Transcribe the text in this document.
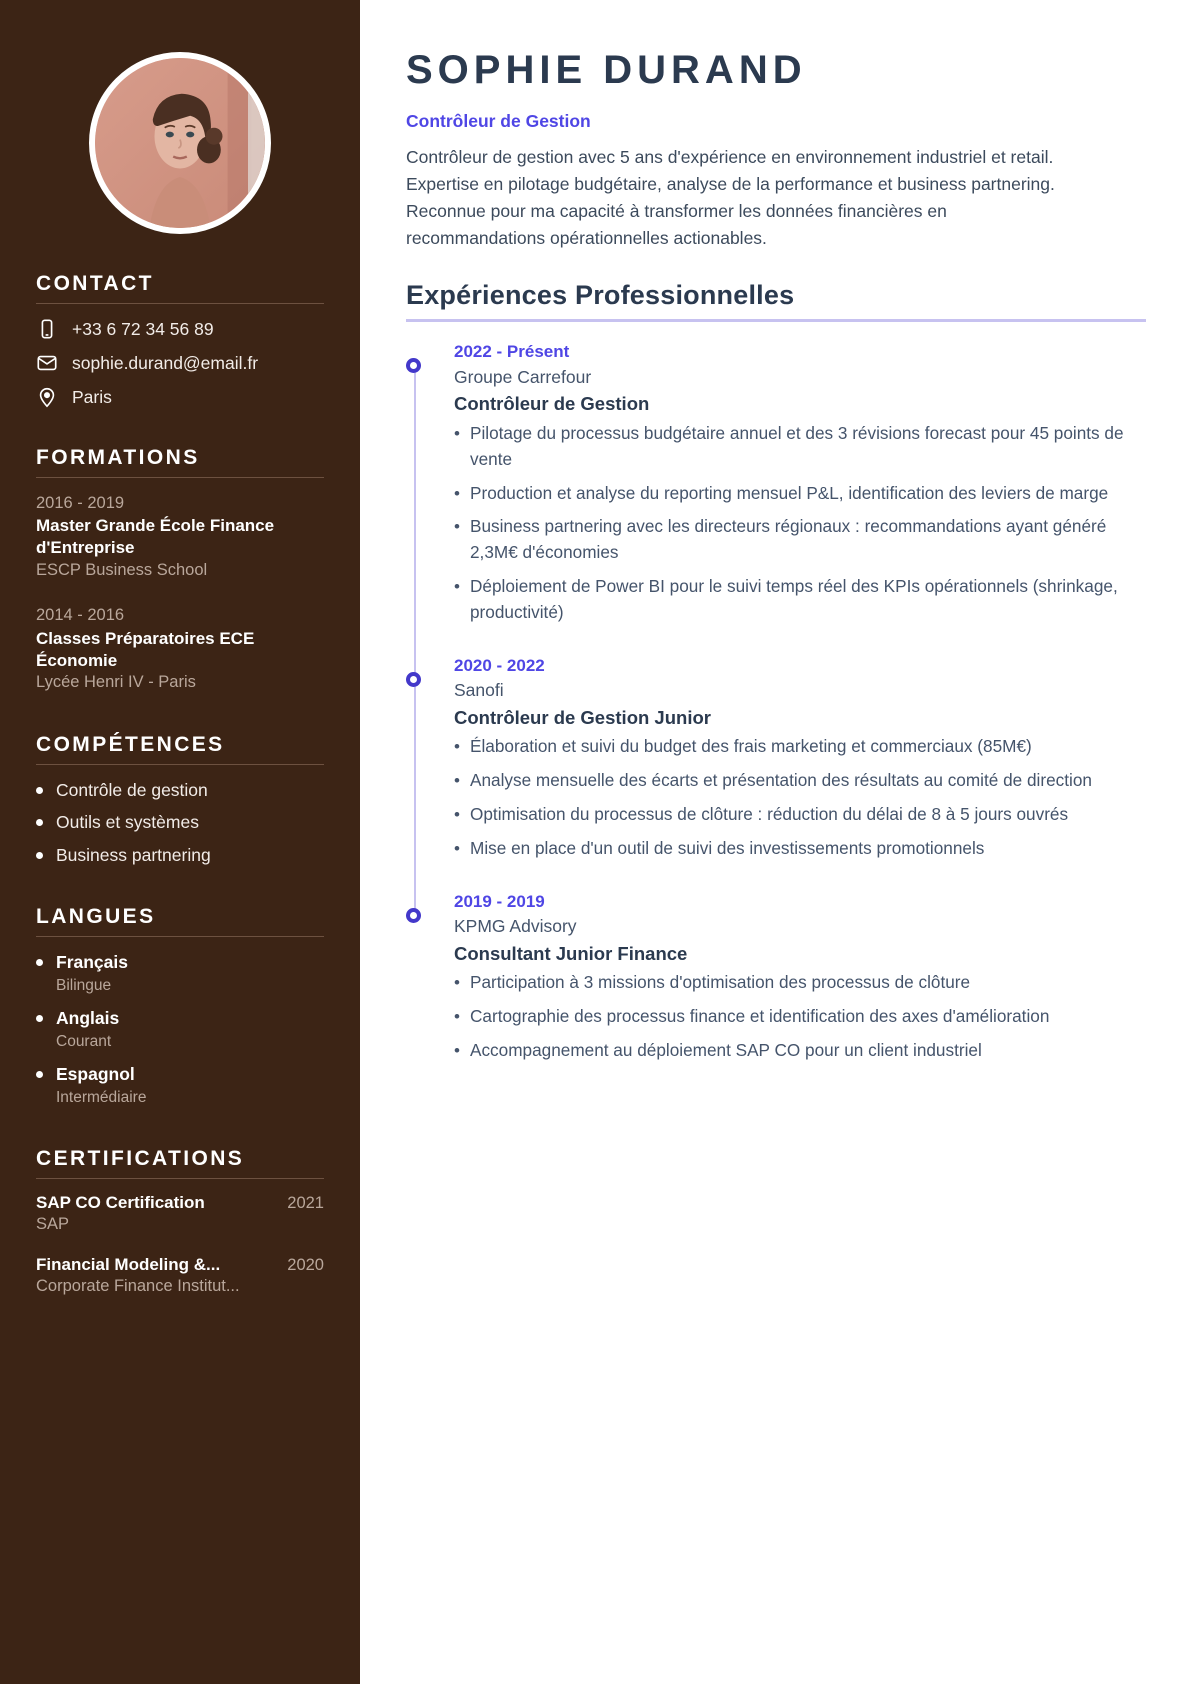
CONTACT
+33 6 72 34 56 89
sophie.durand@email.fr
Paris
FORMATIONS
2016 - 2019
Master Grande École Finance d'Entreprise
ESCP Business School
2014 - 2016
Classes Préparatoires ECE Économie
Lycée Henri IV - Paris
COMPÉTENCES
Contrôle de gestion
Outils et systèmes
Business partnering
LANGUES
Français
Bilingue
Anglais
Courant
Espagnol
Intermédiaire
CERTIFICATIONS
SAP CO Certification	2021
SAP
Financial Modeling &...	2020
Corporate Finance Institut...
SOPHIE DURAND
Contrôleur de Gestion

Contrôleur de gestion avec 5 ans d'expérience en environnement industriel et retail. Expertise en pilotage budgétaire, analyse de la performance et business partnering. Reconnue pour ma capacité à transformer les données financières en recommandations opérationnelles actionables.

Expériences Professionnelles
2022 - Présent
Groupe Carrefour
Contrôleur de Gestion
• Pilotage du processus budgétaire annuel et des 3 révisions forecast pour 45 points de vente
• Production et analyse du reporting mensuel P&L, identification des leviers de marge
• Business partnering avec les directeurs régionaux : recommandations ayant généré 2,3M€ d'économies
• Déploiement de Power BI pour le suivi temps réel des KPIs opérationnels (shrinkage, productivité)
2020 - 2022
Sanofi
Contrôleur de Gestion Junior
• Élaboration et suivi du budget des frais marketing et commerciaux (85M€)
• Analyse mensuelle des écarts et présentation des résultats au comité de direction
• Optimisation du processus de clôture : réduction du délai de 8 à 5 jours ouvrés
• Mise en place d'un outil de suivi des investissements promotionnels
2019 - 2019
KPMG Advisory
Consultant Junior Finance
• Participation à 3 missions d'optimisation des processus de clôture
• Cartographie des processus finance et identification des axes d'amélioration
• Accompagnement au déploiement SAP CO pour un client industriel
